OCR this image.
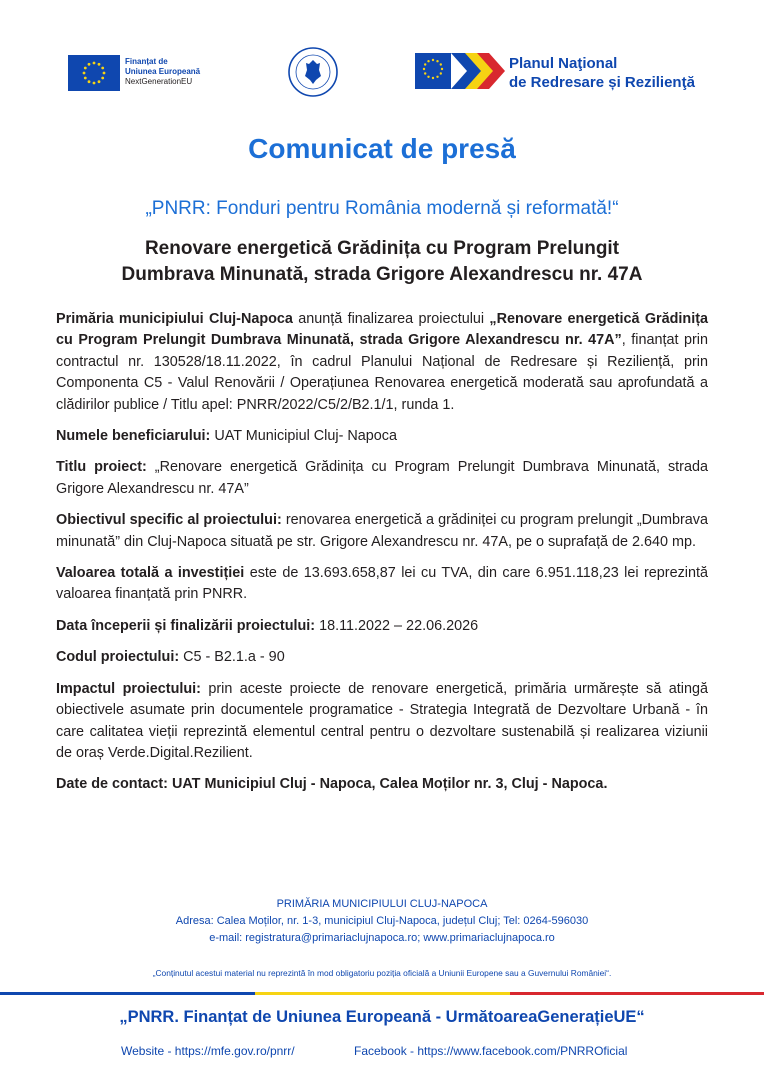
Finanțat de
Uniunea Europeană
NextGenerationEU
Planul Naţional
de Redresare și Rezilienţă
Comunicat de presă
„PNRR: Fonduri pentru România modernă și reformată!“
Renovare energetică Grădinița cu Program Prelungit
Dumbrava Minunată, strada Grigore Alexandrescu nr. 47A

Primăria municipiului Cluj-Napoca anunță finalizarea proiectului „Renovare energetică Grădinița cu Program Prelungit Dumbrava Minunată, strada Grigore Alexandrescu nr. 47A”, finanțat prin contractul nr. 130528/18.11.2022, în cadrul Planului Național de Redresare și Reziliență, prin Componenta C5 - Valul Renovării / Operațiunea Renovarea energetică moderată sau aprofundată a clădirilor publice / Titlu apel: PNRR/2022/C5/2/B2.1/1, runda 1.

Numele beneficiarului: UAT Municipiul Cluj- Napoca

Titlu proiect: „Renovare energetică Grădinița cu Program Prelungit Dumbrava Minunată, strada Grigore Alexandrescu nr. 47A”

Obiectivul specific al proiectului: renovarea energetică a grădiniței cu program prelungit „Dumbrava minunată” din Cluj-Napoca situată pe str. Grigore Alexandrescu nr. 47A, pe o suprafață de 2.640 mp.

Valoarea totală a investiției este de 13.693.658,87 lei cu TVA, din care 6.951.118,23 lei reprezintă valoarea finanțată prin PNRR.

Data începerii și finalizării proiectului: 18.11.2022 – 22.06.2026

Codul proiectului: C5 - B2.1.a - 90

Impactul proiectului: prin aceste proiecte de renovare energetică, primăria urmărește să atingă obiectivele asumate prin documentele programatice - Strategia Integrată de Dezvoltare Urbană - în care calitatea vieții reprezintă elementul central pentru o dezvoltare sustenabilă și realizarea viziunii de oraș Verde.Digital.Rezilient.

Date de contact: UAT Municipiul Cluj - Napoca, Calea Moților nr. 3, Cluj - Napoca.

PRIMĂRIA MUNICIPIULUI CLUJ-NAPOCA
Adresa: Calea Moților, nr. 1-3, municipiul Cluj-Napoca, județul Cluj; Tel: 0264-596030
e-mail: registratura@primariaclujnapoca.ro; www.primariaclujnapoca.ro
„Conținutul acestui material nu reprezintă în mod obligatoriu poziția oficială a Uniunii Europene sau a Guvernului României“.
„PNRR. Finanțat de Uniunea Europeană - UrmătoareaGenerațieUE“
Website - https://mfe.gov.ro/pnrr/	Facebook - https://www.facebook.com/PNRROficial
